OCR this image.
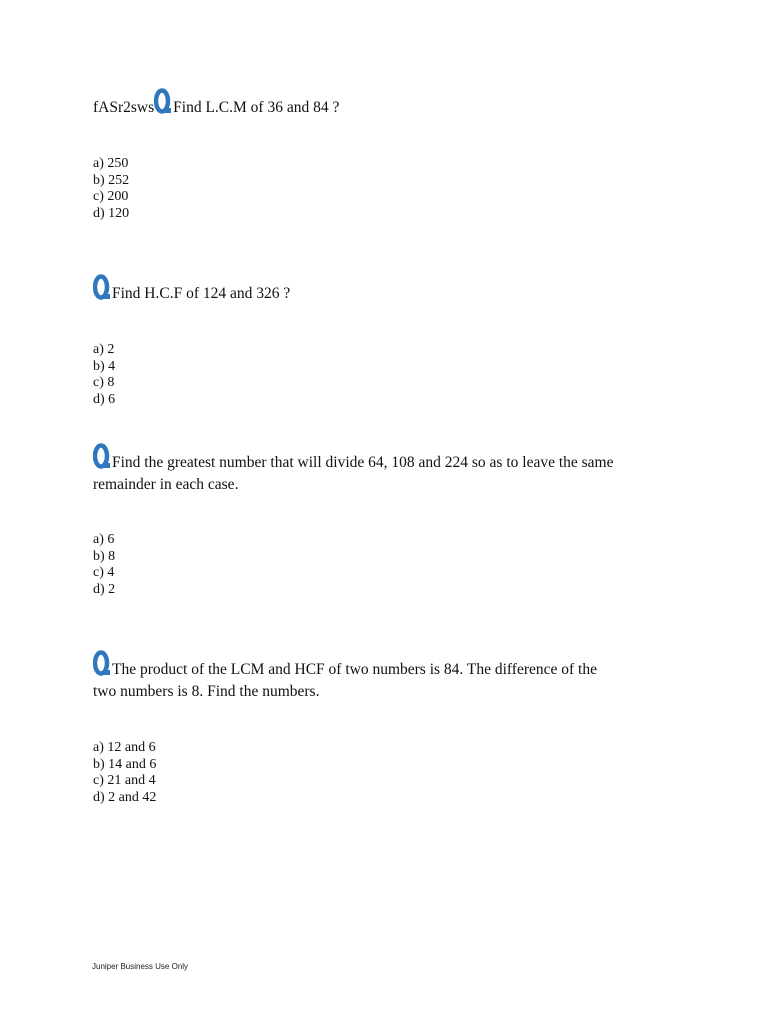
fASr2sws Find L.C.M of 36 and 84 ?

a) 250
b) 252
c) 200
d) 120

Find H.C.F of 124 and 326 ?

a) 2
b) 4
c) 8
d) 6

Find the greatest number that will divide 64, 108 and 224 so as to leave the same

remainder in each case.

a) 6
b) 8
c) 4
d) 2

The product of the LCM and HCF of two numbers is 84. The difference of the

two numbers is 8. Find the numbers.

a) 12 and 6
b) 14 and 6
c) 21 and 4
d) 2 and 42
Juniper Business Use Only
